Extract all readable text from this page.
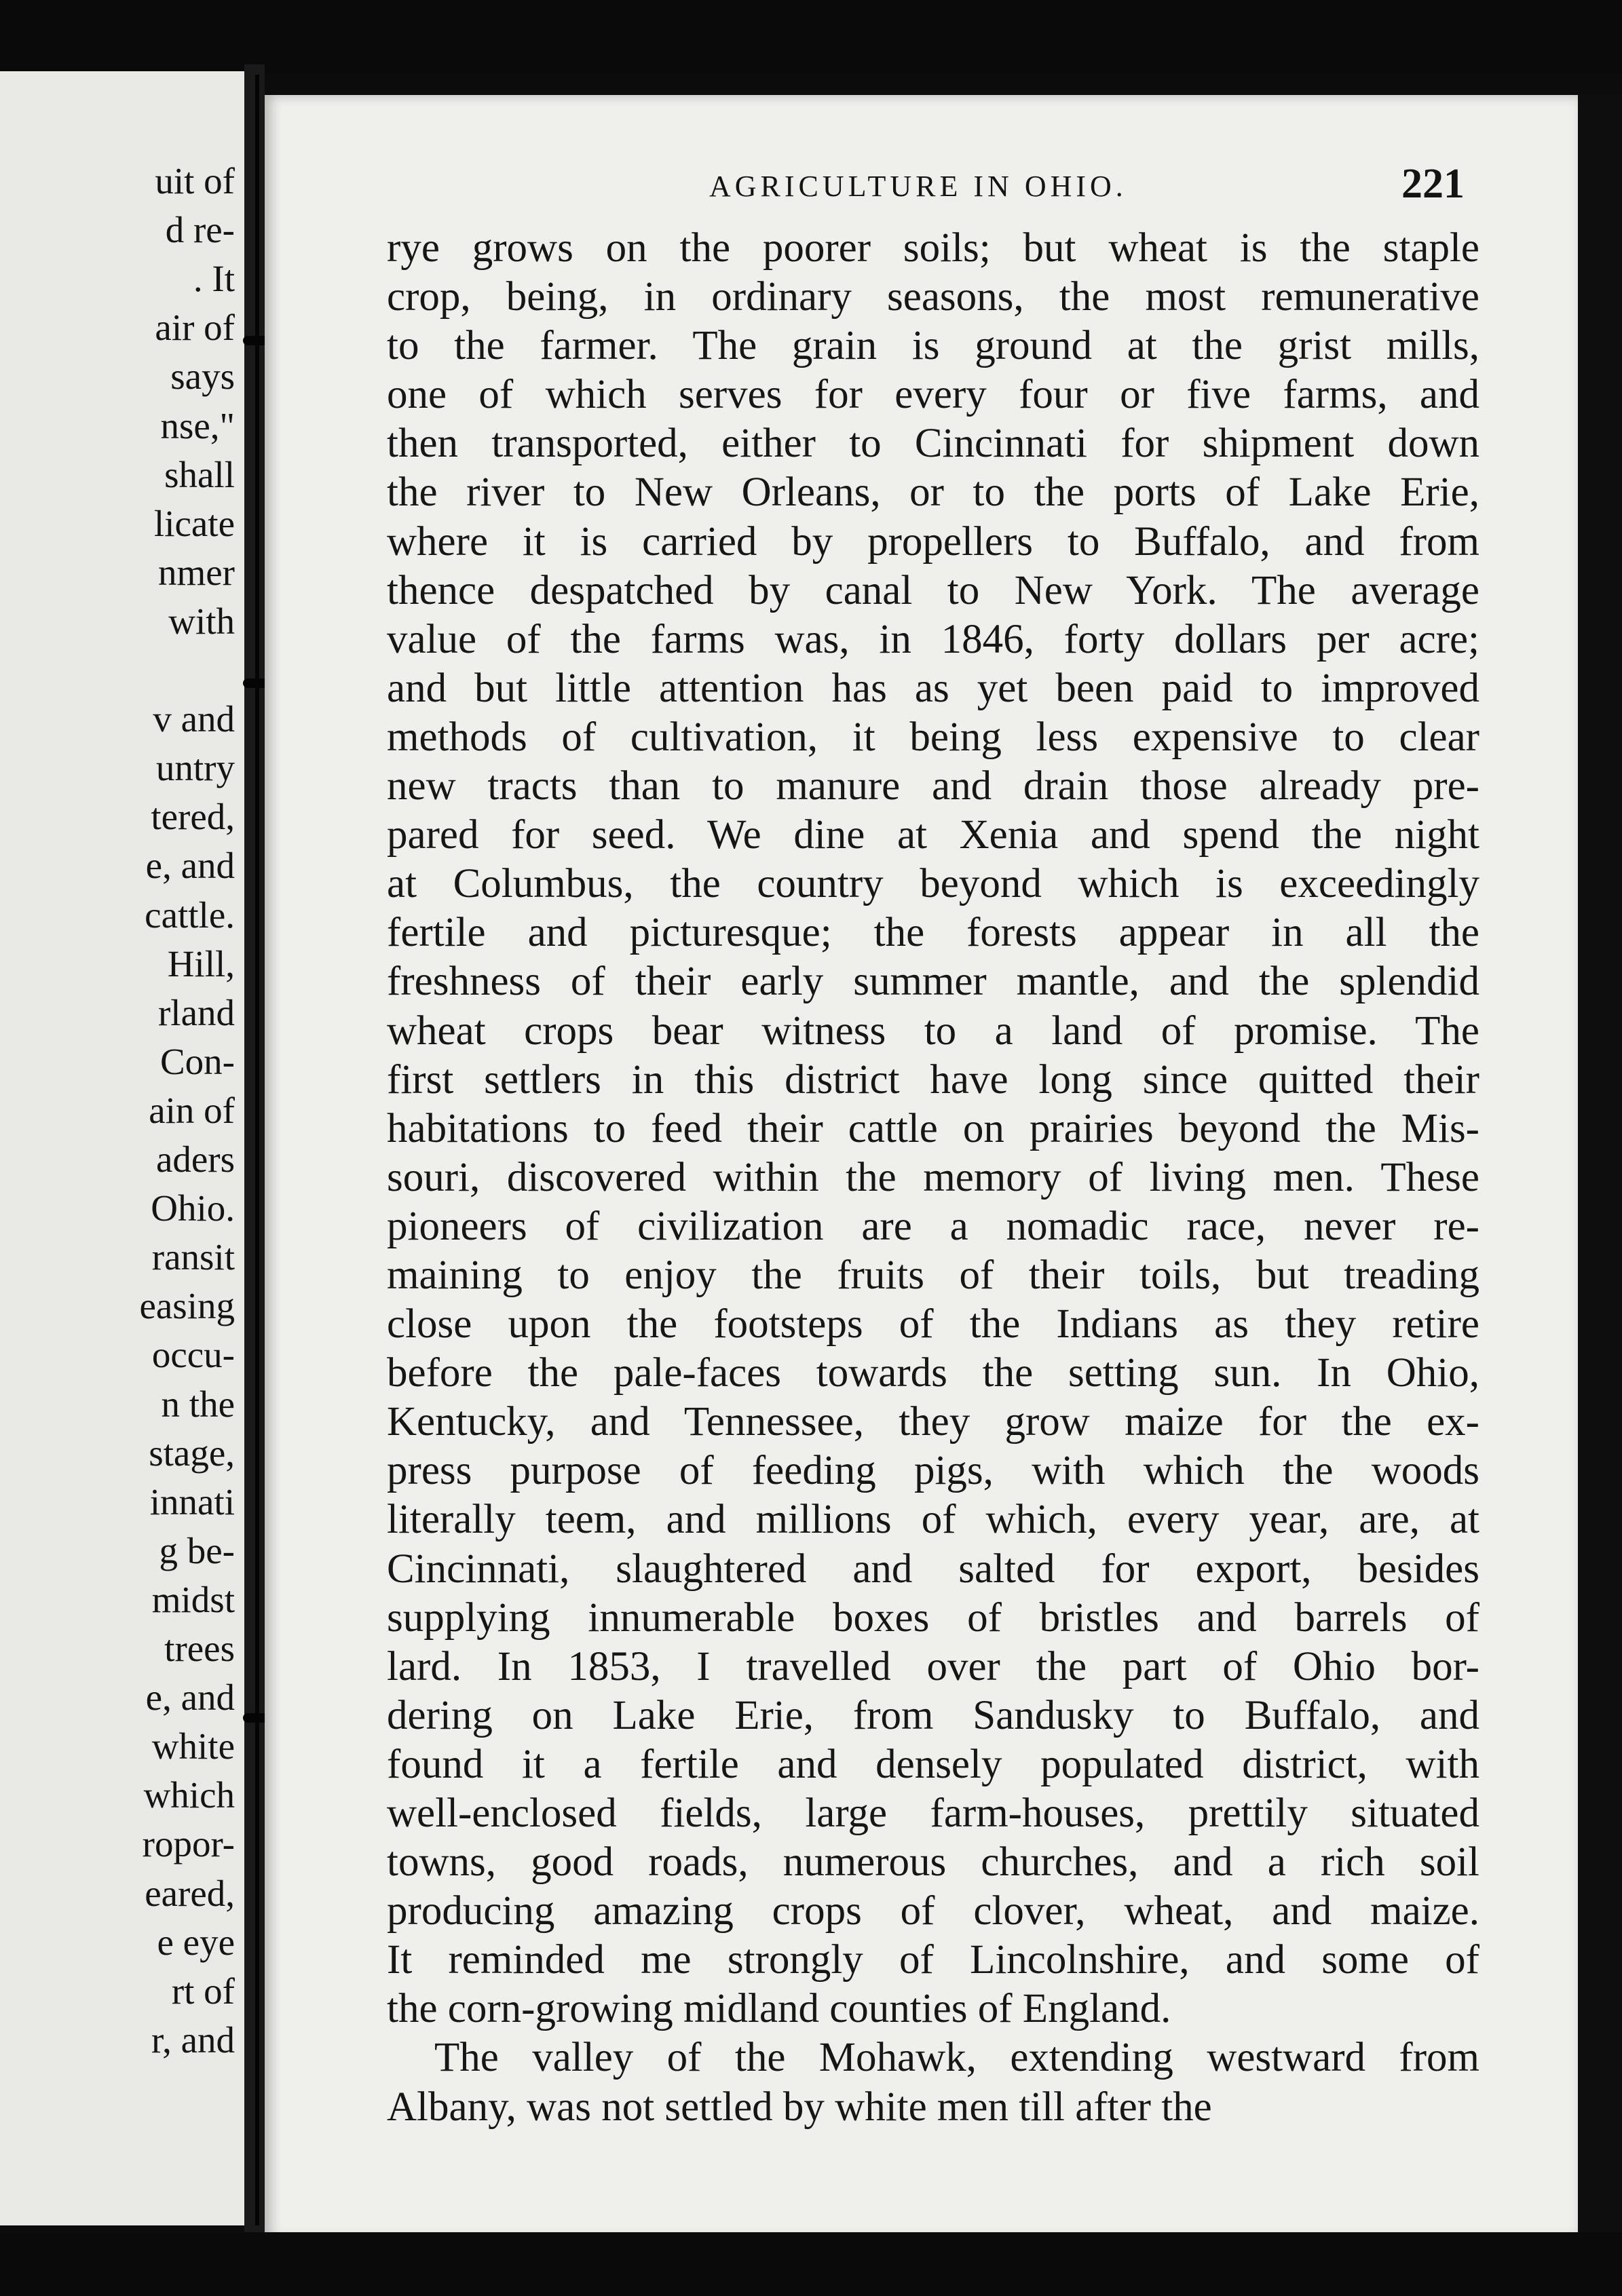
uit of

d re-

. It

air of

says

nse,"

shall

licate

nmer

with

v and

untry

tered,

e, and

cattle.

Hill,

rland

Con-

ain of

aders

Ohio.

ransit

easing

occu-

n the

stage,

innati

g be-

midst

trees

e, and

white

which

ropor-

eared,

e eye

rt of

r, and

AGRICULTURE IN OHIO.	221

rye grows on the poorer soils; but wheat is the staple

crop, being, in ordinary seasons, the most remunerative

to the farmer. The grain is ground at the grist mills,

one of which serves for every four or five farms, and

then transported, either to Cincinnati for shipment down

the river to New Orleans, or to the ports of Lake Erie,

where it is carried by propellers to Buffalo, and from

thence despatched by canal to New York. The average

value of the farms was, in 1846, forty dollars per acre;

and but little attention has as yet been paid to improved

methods of cultivation, it being less expensive to clear

new tracts than to manure and drain those already pre-

pared for seed. We dine at Xenia and spend the night

at Columbus, the country beyond which is exceedingly

fertile and picturesque; the forests appear in all the

freshness of their early summer mantle, and the splendid

wheat crops bear witness to a land of promise. The

first settlers in this district have long since quitted their

habitations to feed their cattle on prairies beyond the Mis-

souri, discovered within the memory of living men. These

pioneers of civilization are a nomadic race, never re-

maining to enjoy the fruits of their toils, but treading

close upon the footsteps of the Indians as they retire

before the pale-faces towards the setting sun. In Ohio,

Kentucky, and Tennessee, they grow maize for the ex-

press purpose of feeding pigs, with which the woods

literally teem, and millions of which, every year, are, at

Cincinnati, slaughtered and salted for export, besides

supplying innumerable boxes of bristles and barrels of

lard. In 1853, I travelled over the part of Ohio bor-

dering on Lake Erie, from Sandusky to Buffalo, and

found it a fertile and densely populated district, with

well-enclosed fields, large farm-houses, prettily situated

towns, good roads, numerous churches, and a rich soil

producing amazing crops of clover, wheat, and maize.

It reminded me strongly of Lincolnshire, and some of

the corn-growing midland counties of England.

The valley of the Mohawk, extending westward from

Albany, was not settled by white men till after the
